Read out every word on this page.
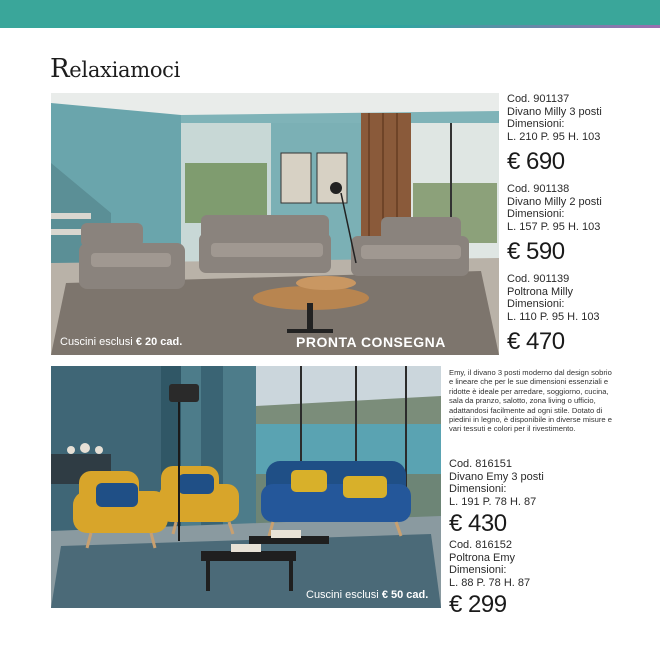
Relaxiamoci
Cuscini esclusi € 20 cad.	PRONTA CONSEGNA
Cod. 901137
Divano Milly 3 posti
Dimensioni:
L. 210 P. 95 H. 103
€ 690
Cod. 901138
Divano Milly 2 posti
Dimensioni:
L. 157 P. 95 H. 103
€ 590
Cod. 901139
Poltrona Milly
Dimensioni:
L. 110 P. 95 H. 103
€ 470
Cuscini esclusi € 50 cad.
Emy, il divano 3 posti moderno dal design sobrio e lineare che per le sue dimensioni essenziali e ridotte è ideale per arredare, soggiorno, cucina, sala da pranzo, salotto, zona living o ufficio, adattandosi facilmente ad ogni stile. Dotato di piedini in legno, è disponibile in diverse misure e vari tessuti e colori per il rivestimento.
Cod. 816151
Divano Emy 3 posti
Dimensioni:
L. 191 P. 78 H. 87
€ 430
Cod. 816152
Poltrona Emy
Dimensioni:
L. 88 P. 78 H. 87
€ 299
